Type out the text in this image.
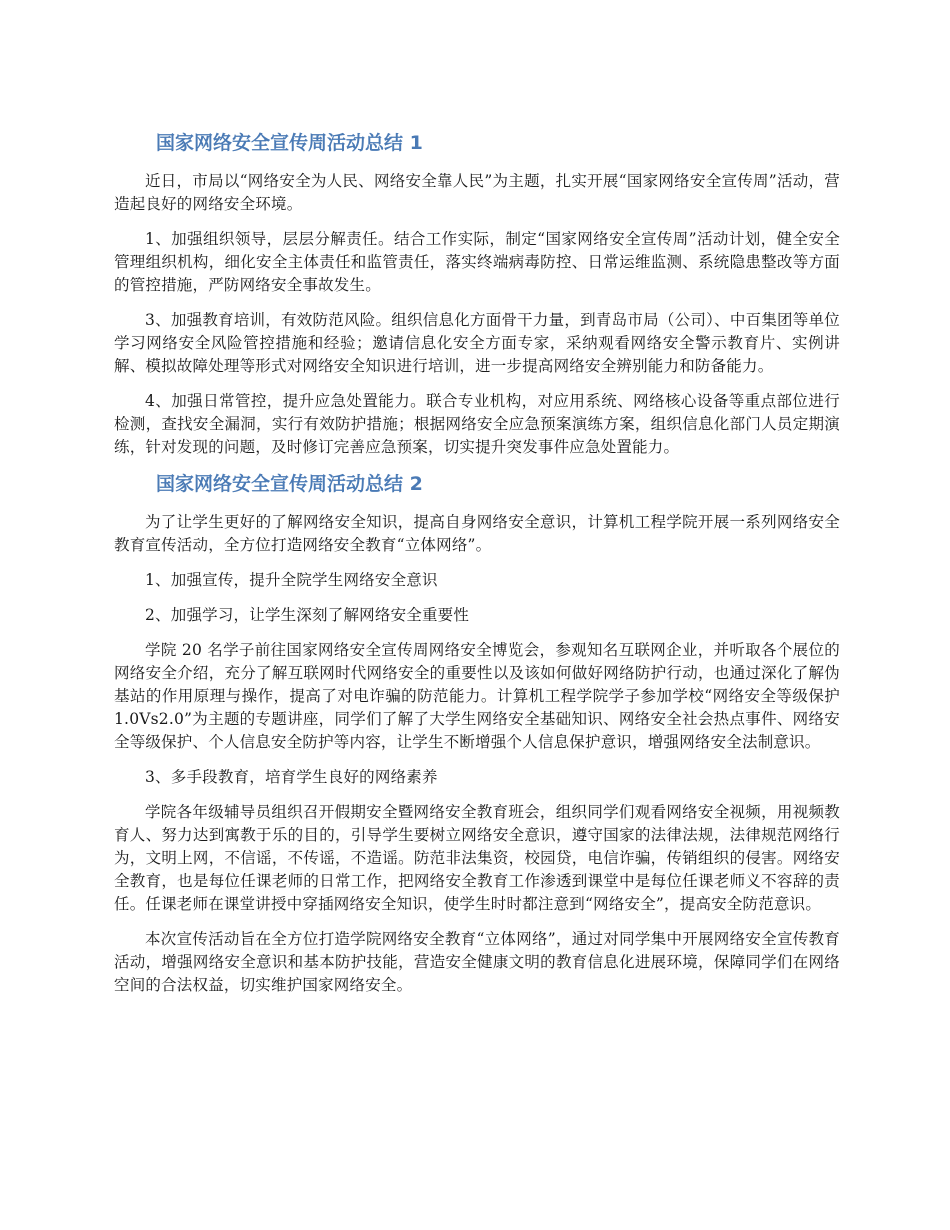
国家网络安全宣传周活动总结 1

近日，市局以“网络安全为人民、网络安全靠人民”为主题，扎实开展“国家网络安全宣传周”活动，营造起良好的网络安全环境。

1、加强组织领导，层层分解责任。结合工作实际，制定“国家网络安全宣传周”活动计划，健全安全管理组织机构，细化安全主体责任和监管责任，落实终端病毒防控、日常运维监测、系统隐患整改等方面的管控措施，严防网络安全事故发生。

3、加强教育培训，有效防范风险。组织信息化方面骨干力量，到青岛市局（公司）、中百集团等单位学习网络安全风险管控措施和经验；邀请信息化安全方面专家，采纳观看网络安全警示教育片、实例讲解、模拟故障处理等形式对网络安全知识进行培训，进一步提高网络安全辨别能力和防备能力。

4、加强日常管控，提升应急处置能力。联合专业机构，对应用系统、网络核心设备等重点部位进行检测，查找安全漏洞，实行有效防护措施；根据网络安全应急预案演练方案，组织信息化部门人员定期演练，针对发现的问题，及时修订完善应急预案，切实提升突发事件应急处置能力。

国家网络安全宣传周活动总结 2

为了让学生更好的了解网络安全知识，提高自身网络安全意识，计算机工程学院开展一系列网络安全教育宣传活动，全方位打造网络安全教育“立体网络”。

1、加强宣传，提升全院学生网络安全意识

2、加强学习，让学生深刻了解网络安全重要性

学院 20 名学子前往国家网络安全宣传周网络安全博览会，参观知名互联网企业，并听取各个展位的网络安全介绍，充分了解互联网时代网络安全的重要性以及该如何做好网络防护行动，也通过深化了解伪基站的作用原理与操作，提高了对电诈骗的防范能力。计算机工程学院学子参加学校“网络安全等级保护 1.0Vs2.0”为主题的专题讲座，同学们了解了大学生网络安全基础知识、网络安全社会热点事件、网络安全等级保护、个人信息安全防护等内容，让学生不断增强个人信息保护意识，增强网络安全法制意识。

3、多手段教育，培育学生良好的网络素养

学院各年级辅导员组织召开假期安全暨网络安全教育班会，组织同学们观看网络安全视频，用视频教育人、努力达到寓教于乐的目的，引导学生要树立网络安全意识，遵守国家的法律法规，法律规范网络行为，文明上网，不信谣，不传谣，不造谣。防范非法集资，校园贷，电信诈骗，传销组织的侵害。网络安全教育，也是每位任课老师的日常工作，把网络安全教育工作渗透到课堂中是每位任课老师义不容辞的责任。任课老师在课堂讲授中穿插网络安全知识，使学生时时都注意到“网络安全”，提高安全防范意识。

本次宣传活动旨在全方位打造学院网络安全教育“立体网络”，通过对同学集中开展网络安全宣传教育活动，增强网络安全意识和基本防护技能，营造安全健康文明的教育信息化进展环境，保障同学们在网络空间的合法权益，切实维护国家网络安全。
